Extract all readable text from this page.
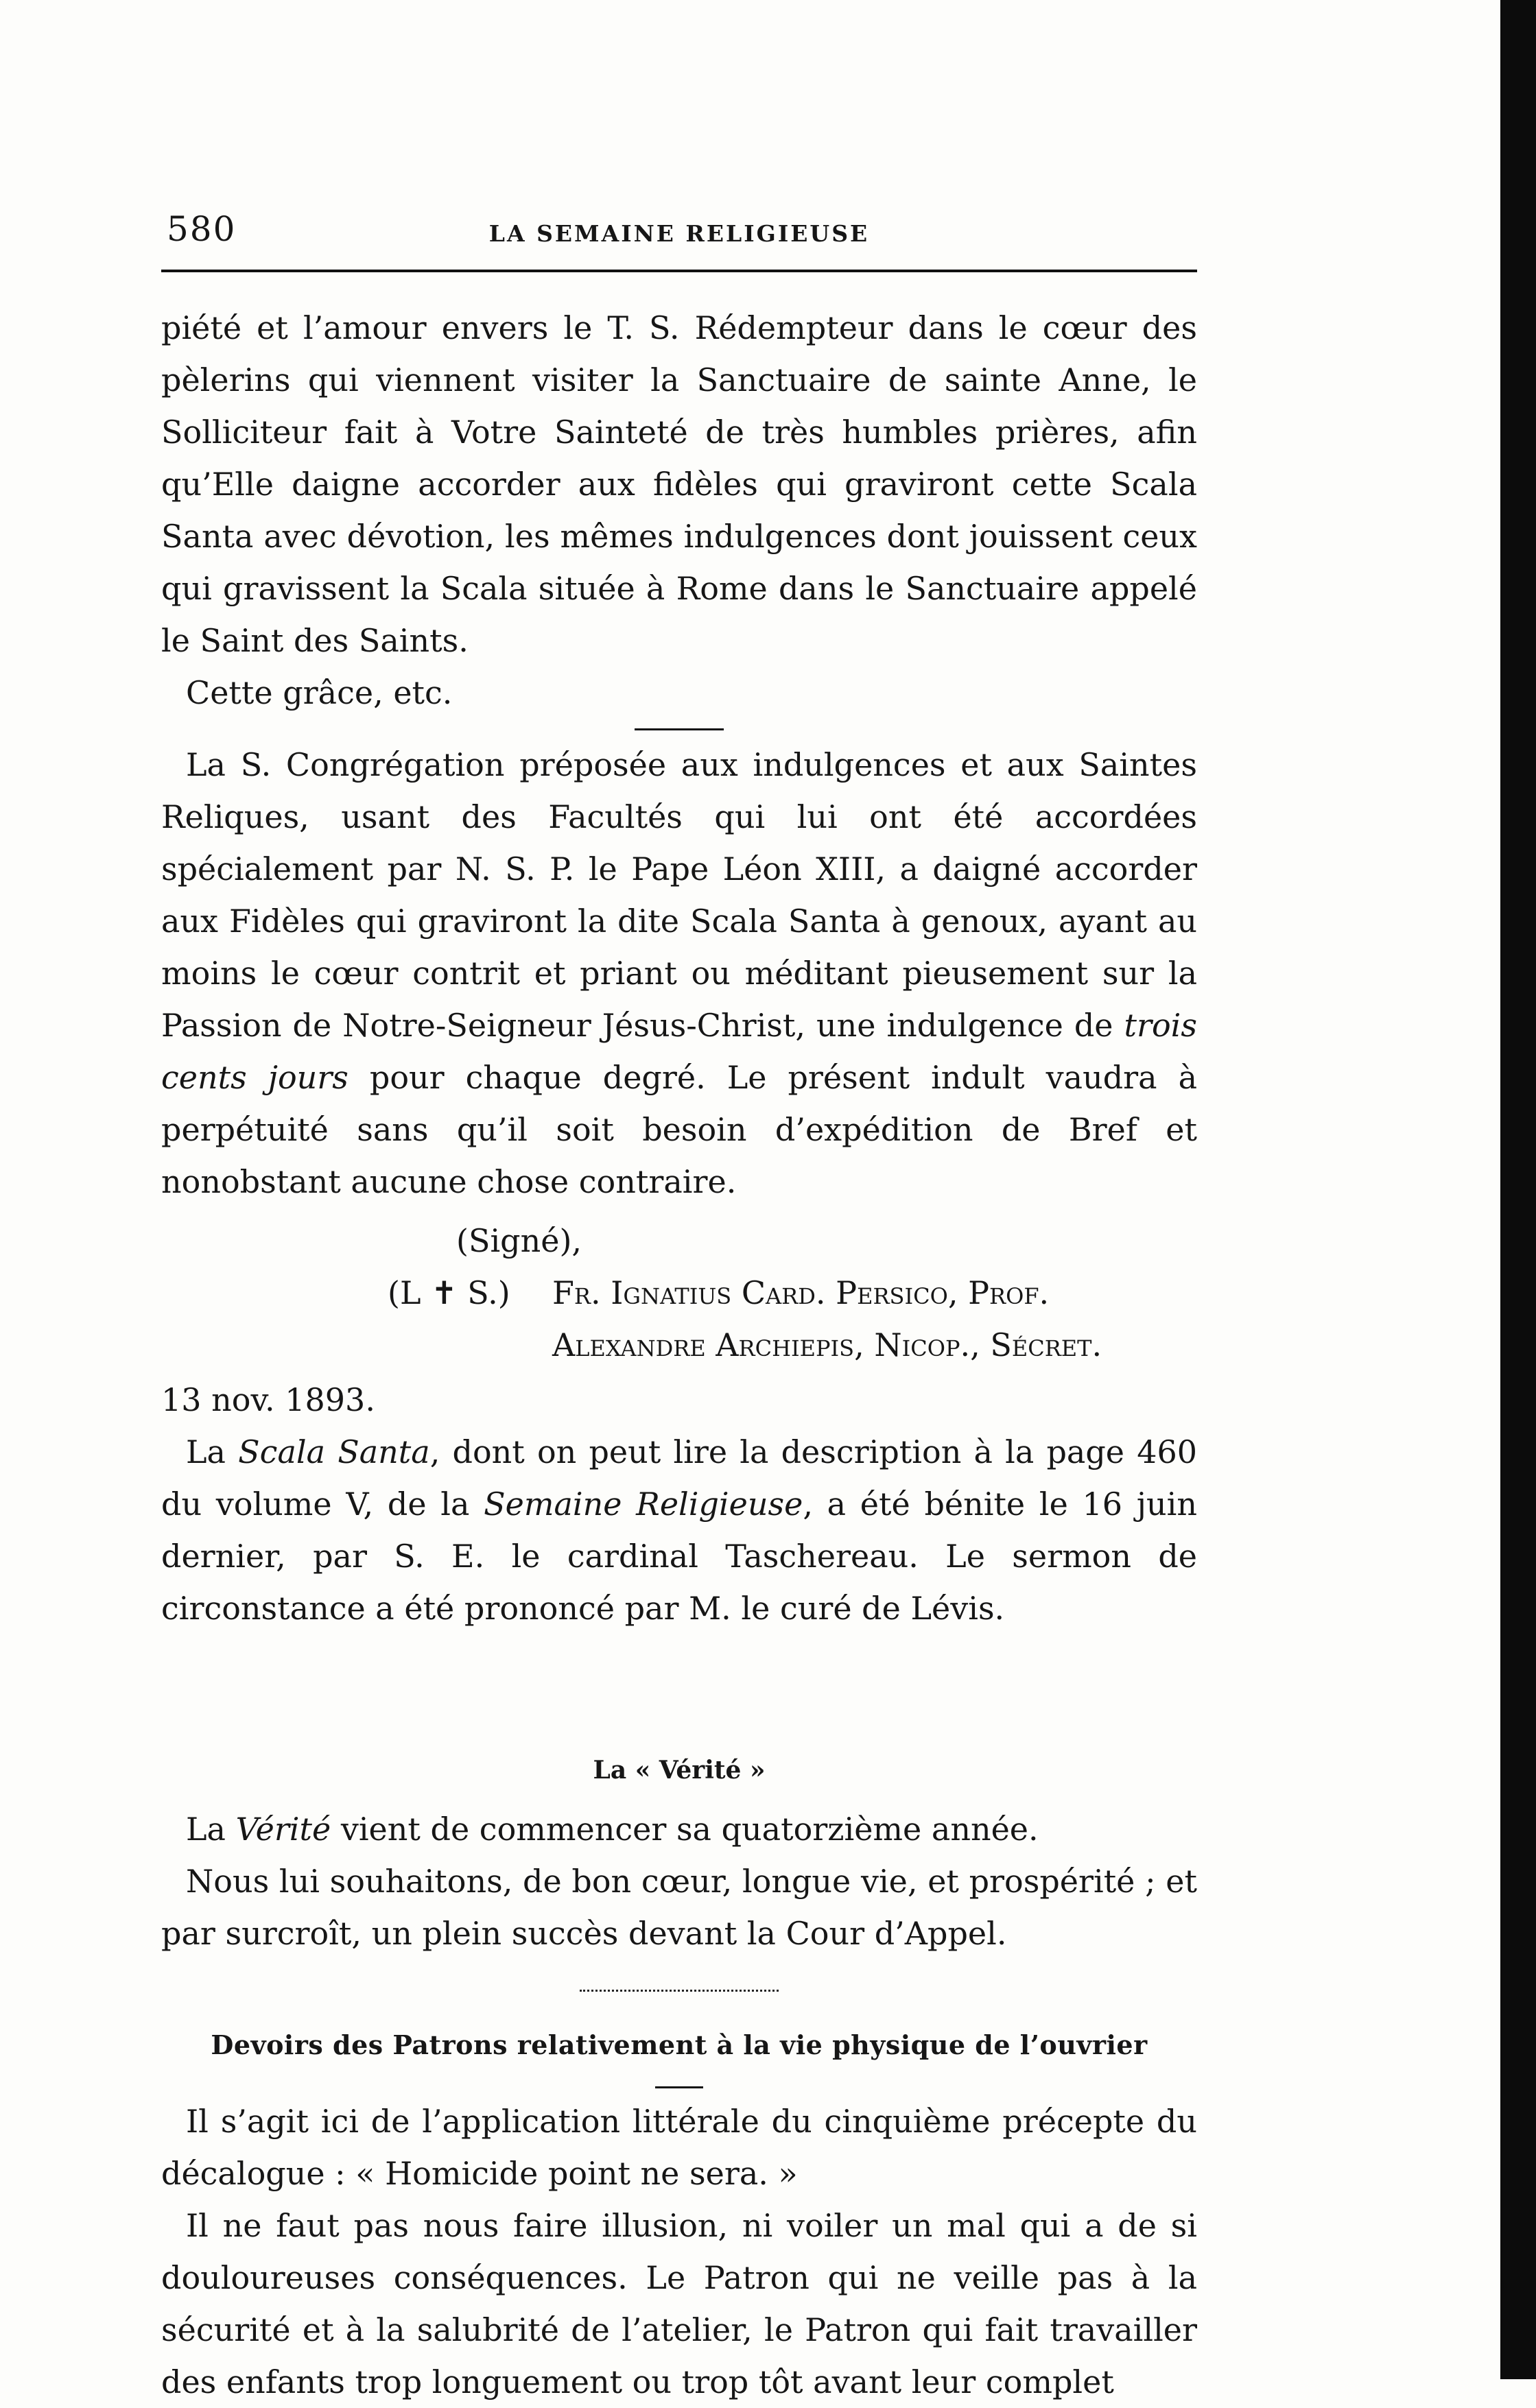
580	LA SEMAINE RELIGIEUSE

piété et l’amour envers le T. S. Rédempteur dans le cœur des pèlerins qui viennent visiter la Sanctuaire de sainte Anne, le Solliciteur fait à Votre Sainteté de très humbles prières, afin qu’Elle daigne accorder aux fidèles qui graviront cette Scala Santa avec dévotion, les mêmes indulgences dont jouissent ceux qui gravissent la Scala située à Rome dans le Sanctuaire appelé le Saint des Saints.

Cette grâce, etc.

La S. Congrégation préposée aux indulgences et aux Saintes Reliques, usant des Facultés qui lui ont été accordées spécialement par N. S. P. le Pape Léon XIII, a daigné accorder aux Fidèles qui graviront la dite Scala Santa à genoux, ayant au moins le cœur contrit et priant ou méditant pieusement sur la Passion de Notre-Seigneur Jésus-Christ, une indulgence de trois cents jours pour chaque degré. Le présent indult vaudra à perpétuité sans qu’il soit besoin d’expédition de Bref et nonobstant aucune chose contraire.

(Signé),
(L ✝ S.)	Fr. Ignatius Card. Persico, Prof.
Alexandre Archiepis, Nicop., Sécret.
13 nov. 1893.

La Scala Santa, dont on peut lire la description à la page 460 du volume V, de la Semaine Religieuse, a été bénite le 16 juin dernier, par S. E. le cardinal Taschereau. Le sermon de circonstance a été prononcé par M. le curé de Lévis.

La « Vérité »

La Vérité vient de commencer sa quatorzième année.

Nous lui souhaitons, de bon cœur, longue vie, et prospérité ; et par surcroît, un plein succès devant la Cour d’Appel.

Devoirs des Patrons relativement à la vie physique de l’ouvrier

Il s’agit ici de l’application littérale du cinquième précepte du décalogue : « Homicide point ne sera. »

Il ne faut pas nous faire illusion, ni voiler un mal qui a de si douloureuses conséquences. Le Patron qui ne veille pas à la sécurité et à la salubrité de l’atelier, le Patron qui fait travailler des enfants trop longuement ou trop tôt avant leur complet
